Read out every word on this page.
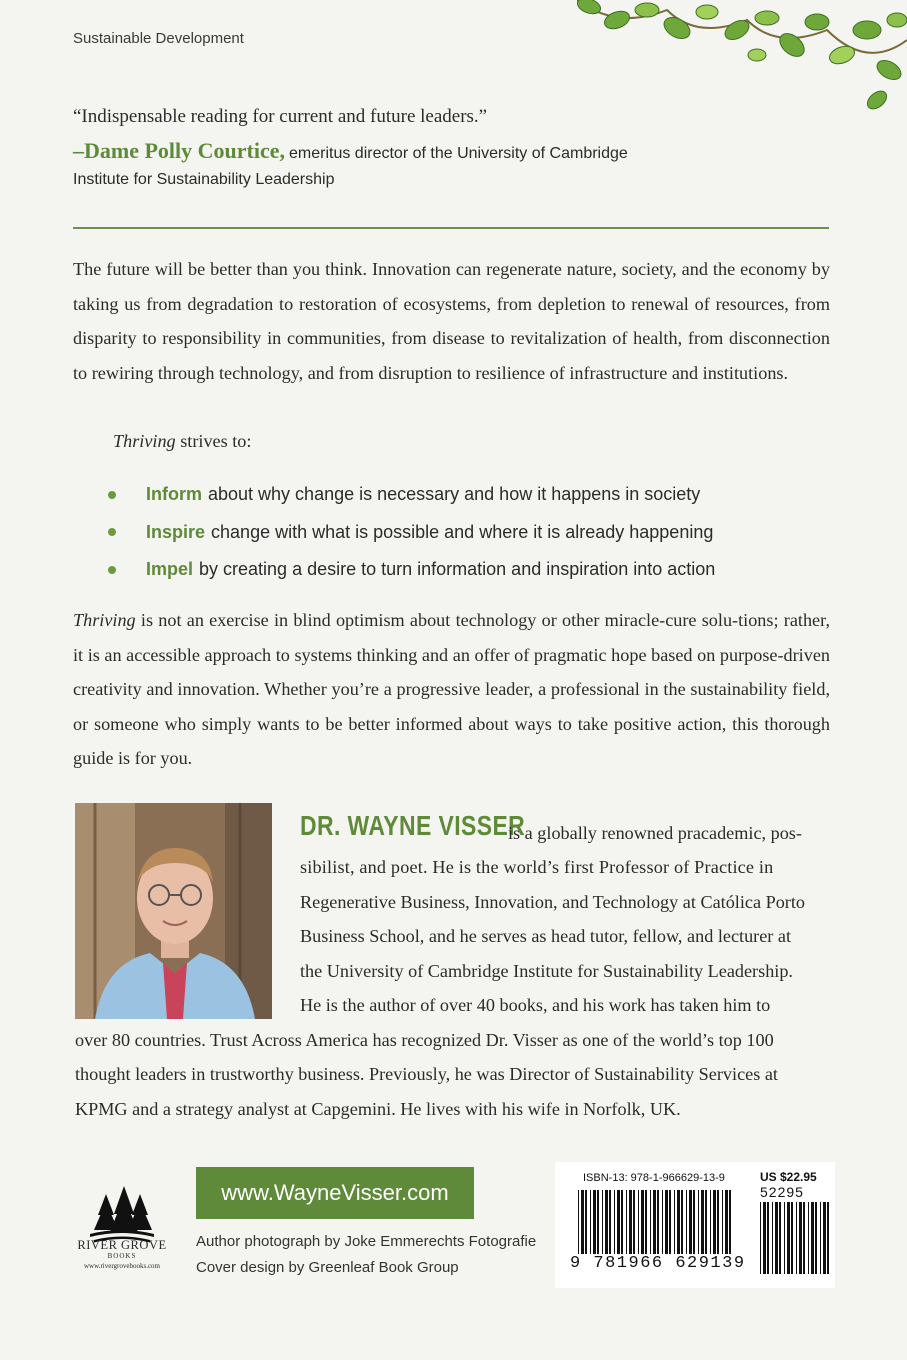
Sustainable Development

“Indispensable reading for current and future leaders.”

–Dame Polly Courtice, emeritus director of the University of Cambridge
Institute for Sustainability Leadership
The future will be better than you think. Innovation can regenerate nature, society, and the economy by taking us from degradation to restoration of ecosystems, from depletion to renewal of resources, from disparity to responsibility in communities, from disease to revitalization of health, from disconnection to rewiring through technology, and from disruption to resilience of infrastructure and institutions.
Thriving strives to:
Inform about why change is necessary and how it happens in society
Inspire change with what is possible and where it is already happening
Impel by creating a desire to turn information and inspiration into action
Thriving is not an exercise in blind optimism about technology or other miracle-cure solu-tions; rather, it is an accessible approach to systems thinking and an offer of pragmatic hope based on purpose-driven creativity and innovation. Whether you’re a progressive leader, a professional in the sustainability field, or someone who simply wants to be better informed about ways to take positive action, this thorough guide is for you.
DR. WAYNE VISSER
is a globally renowned pracademic, pos-
sibilist, and poet. He is the world’s first Professor of Practice in
Regenerative Business, Innovation, and Technology at Católica Porto
Business School, and he serves as head tutor, fellow, and lecturer at
the University of Cambridge Institute for Sustainability Leadership.
He is the author of over 40 books, and his work has taken him to
over 80 countries. Trust Across America has recognized Dr. Visser as one of the world’s top 100
thought leaders in trustworthy business. Previously, he was Director of Sustainability Services at
KPMG and a strategy analyst at Capgemini. He lives with his wife in Norfolk, UK.
RIVER GROVE
BOOKS
www.rivergrovebooks.com
www.WayneVisser.com
Author photograph by Joke Emmerechts Fotografie
Cover design by Greenleaf Book Group
ISBN-13: 978-1-966629-13-9	US $22.95
52295
9 781966 629139
